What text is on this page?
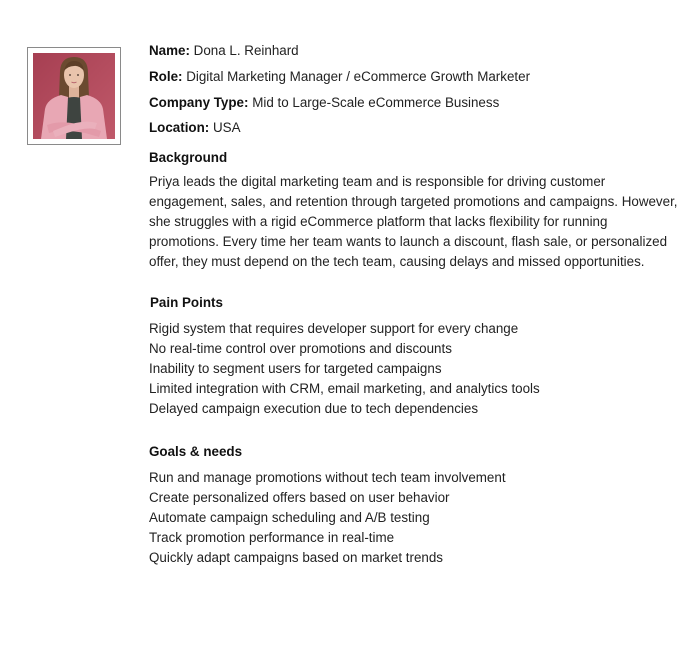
Name: Dona L. Reinhard
Role: Digital Marketing Manager / eCommerce Growth Marketer
Company Type: Mid to Large-Scale eCommerce Business
Location: USA
Background

Priya leads the digital marketing team and is responsible for driving customer engagement, sales, and retention through targeted promotions and campaigns. However, she struggles with a rigid eCommerce platform that lacks flexibility for running promotions. Every time her team wants to launch a discount, flash sale, or personalized offer, they must depend on the tech team, causing delays and missed opportunities.

Pain Points
Rigid system that requires developer support for every change
No real-time control over promotions and discounts
Inability to segment users for targeted campaigns
Limited integration with CRM, email marketing, and analytics tools
Delayed campaign execution due to tech dependencies
Goals & needs
Run and manage promotions without tech team involvement
Create personalized offers based on user behavior
Automate campaign scheduling and A/B testing
Track promotion performance in real-time
Quickly adapt campaigns based on market trends
